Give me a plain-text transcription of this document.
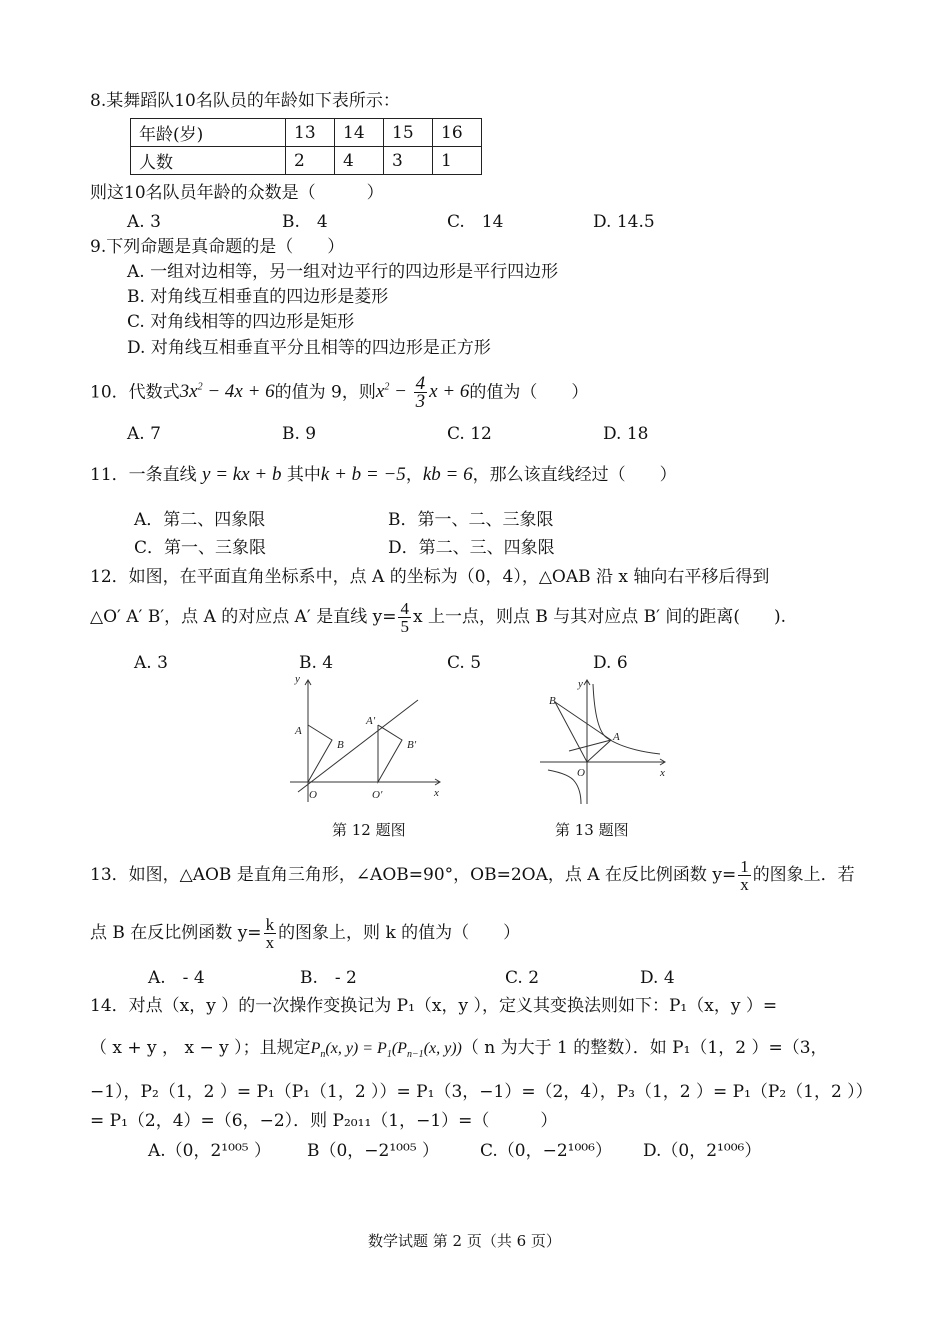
8.某舞蹈队10名队员的年龄如下表所示：
年龄(岁)	13	14	15	16
人数	2	4	3	1
则这10名队员年龄的众数是（　　　）
A. 3	B.　4	C.　14	D. 14.5
9.下列命题是真命题的是（　　）
A. 一组对边相等，另一组对边平行的四边形是平行四边形
B. 对角线互相垂直的四边形是菱形
C. 对角线相等的四边形是矩形
D. 对角线互相垂直平分且相等的四边形是正方形
10．代数式$3x^2 - 4x + 6$的值为 9，则$x^2 - \frac{4}{3}$ x + 6的值为（　　）
A. 7	B. 9	C. 12	D. 18
11．一条直线 y = kx + b 其中k + b = −5，kb = 6，那么该直线经过（　　）
A．第二、四象限	B．第一、二、三象限
C．第一、三象限	D．第二、三、四象限
12．如图，在平面直角坐标系中，点 A 的坐标为（0，4），△OAB 沿 x 轴向右平移后得到
△O′ A′ B′，点 A 的对应点 A′ 是直线 $y= \frac{4}{5}$ x 上一点，则点 B 与其对应点 B′ 间的距离(　　).
A. 3	B. 4	C. 5	D. 6
y
x
A
B
A′
B′
O	O′
第 12 题图
y
x
B
A
O
第 13 题图
13．如图，△AOB 是直角三角形，∠AOB=90°，OB=2OA，点 A 在反比例函数 $y= \frac{1}{x}$ 的图象上．若
点 B 在反比例函数 $y= \frac{k}{x}$ 的图象上，则 k 的值为（　　）
A.　- 4	B.　- 2	C. 2	D. 4
14．对点（x，y ）的一次操作变换记为 P₁（x，y ），定义其变换法则如下：P₁（x，y ）=
（ x + y ， x − y ）；且规定$P_n(x$, $y) = P_1(P_{n-1}(x$, y))（ n 为大于 1 的整数）．如 P₁（1，2 ）=（3，
−1），P₂（1，2 ）= P₁（P₁（1，2 ））= P₁（3，−1）=（2，4），P₃（1，2 ）= P₁（P₂（1，2 ））
= P₁（2，4）=（6，−2）．则 P₂₀₁₁（1，−1）=（　　　）
A.（0，2¹⁰⁰⁵ ） B（0，−2¹⁰⁰⁵ ） C.（0，−2¹⁰⁰⁶） D.（0，2¹⁰⁰⁶）
数学试题 第 2 页（共 6 页）
